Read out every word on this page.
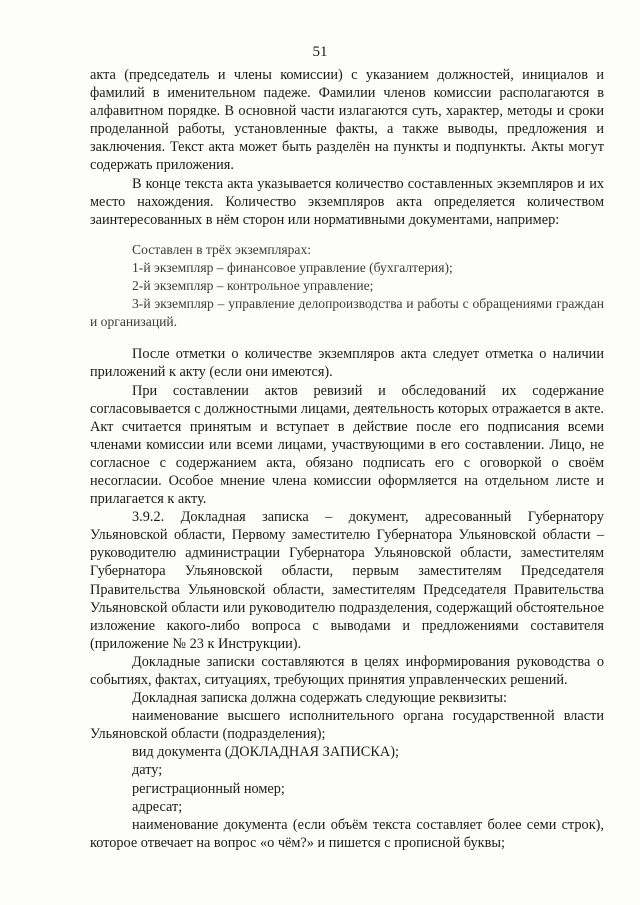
51

акта (председатель и члены комиссии) с указанием должностей, инициалов и фамилий в именительном падеже. Фамилии членов комиссии располагаются в алфавитном порядке. В основной части излагаются суть, характер, методы и сроки проделанной работы, установленные факты, а также выводы, предложения и заключения. Текст акта может быть разделён на пункты и подпункты. Акты могут содержать приложения.

В конце текста акта указывается количество составленных экземпляров и их место нахождения. Количество экземпляров акта определяется количеством заинтересованных в нём сторон или нормативными документами, например:

Составлен в трёх экземплярах:

1-й экземпляр – финансовое управление (бухгалтерия);

2-й экземпляр – контрольное управление;

3-й экземпляр – управление делопроизводства и работы с обращениями граждан и организаций.

После отметки о количестве экземпляров акта следует отметка о наличии приложений к акту (если они имеются).

При составлении актов ревизий и обследований их содержание согласовывается с должностными лицами, деятельность которых отражается в акте. Акт считается принятым и вступает в действие после его подписания всеми членами комиссии или всеми лицами, участвующими в его составлении. Лицо, не согласное с содержанием акта, обязано подписать его с оговоркой о своём несогласии. Особое мнение члена комиссии оформляется на отдельном листе и прилагается к акту.

3.9.2. Докладная записка – документ, адресованный Губернатору Ульяновской области, Первому заместителю Губернатора Ульяновской области – руководителю администрации Губернатора Ульяновской области, заместителям Губернатора Ульяновской области, первым заместителям Председателя Правительства Ульяновской области, заместителям Председателя Правительства Ульяновской области или руководителю подразделения, содержащий обстоятельное изложение какого-либо вопроса с выводами и предложениями составителя (приложение № 23 к Инструкции).

Докладные записки составляются в целях информирования руководства о событиях, фактах, ситуациях, требующих принятия управленческих решений.

Докладная записка должна содержать следующие реквизиты:

наименование высшего исполнительного органа государственной власти Ульяновской области (подразделения);

вид документа (ДОКЛАДНАЯ ЗАПИСКА);

дату;

регистрационный номер;

адресат;

наименование документа (если объём текста составляет более семи строк), которое отвечает на вопрос «о чём?» и пишется с прописной буквы;
